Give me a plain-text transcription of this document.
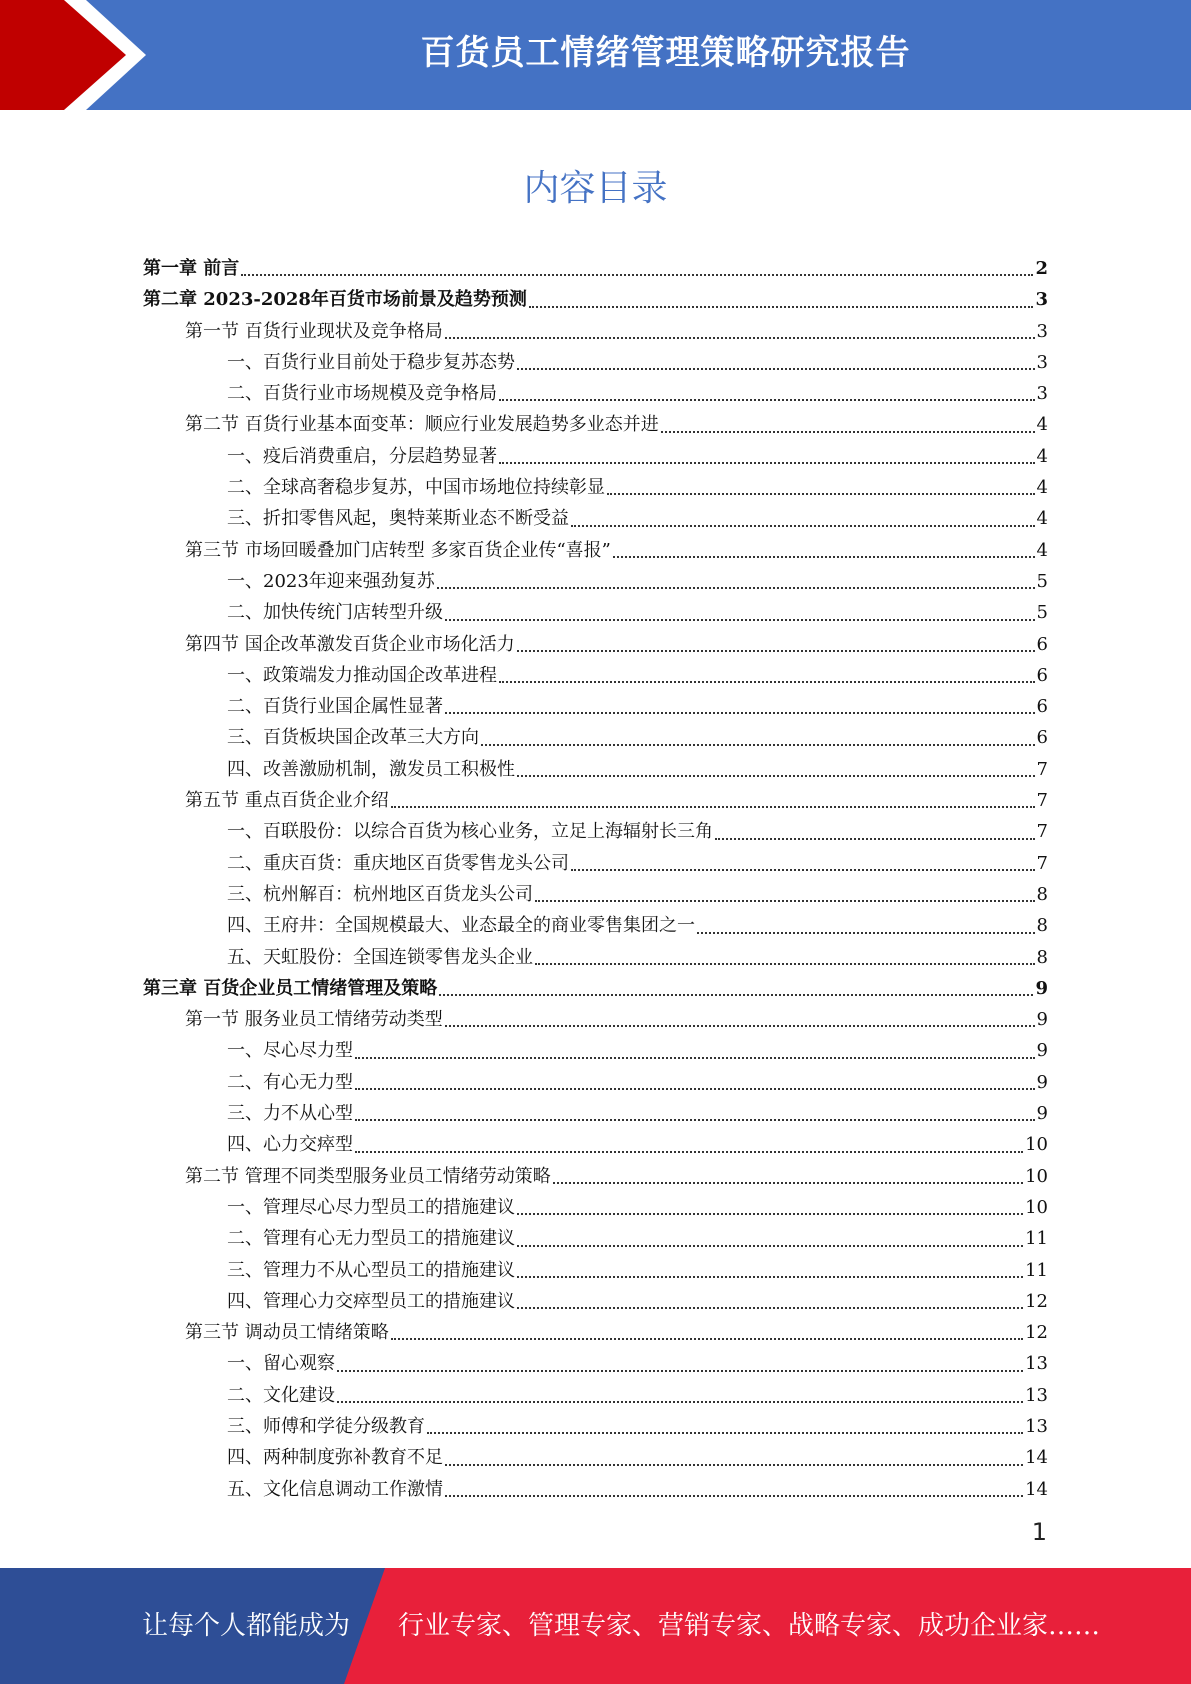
百货员工情绪管理策略研究报告
内容目录
第一章 前言	2
第二章 2023-2028年百货市场前景及趋势预测	3
第一节 百货行业现状及竞争格局	3
一、百货行业目前处于稳步复苏态势	3
二、百货行业市场规模及竞争格局	3
第二节 百货行业基本面变革：顺应行业发展趋势多业态并进	4
一、疫后消费重启，分层趋势显著	4
二、全球高奢稳步复苏，中国市场地位持续彰显	4
三、折扣零售风起，奥特莱斯业态不断受益	4
第三节 市场回暖叠加门店转型 多家百货企业传“喜报”	4
一、2023年迎来强劲复苏	5
二、加快传统门店转型升级	5
第四节 国企改革激发百货企业市场化活力	6
一、政策端发力推动国企改革进程	6
二、百货行业国企属性显著	6
三、百货板块国企改革三大方向	6
四、改善激励机制，激发员工积极性	7
第五节 重点百货企业介绍	7
一、百联股份：以综合百货为核心业务，立足上海辐射长三角	7
二、重庆百货：重庆地区百货零售龙头公司	7
三、杭州解百：杭州地区百货龙头公司	8
四、王府井：全国规模最大、业态最全的商业零售集团之一	8
五、天虹股份：全国连锁零售龙头企业	8
第三章 百货企业员工情绪管理及策略	9
第一节 服务业员工情绪劳动类型	9
一、尽心尽力型	9
二、有心无力型	9
三、力不从心型	9
四、心力交瘁型	10
第二节 管理不同类型服务业员工情绪劳动策略	10
一、管理尽心尽力型员工的措施建议	10
二、管理有心无力型员工的措施建议	11
三、管理力不从心型员工的措施建议	11
四、管理心力交瘁型员工的措施建议	12
第三节 调动员工情绪策略	12
一、留心观察	13
二、文化建设	13
三、师傅和学徒分级教育	13
四、两种制度弥补教育不足	14
五、文化信息调动工作激情	14
1
让每个人都能成为 行业专家、管理专家、营销专家、战略专家、成功企业家……
